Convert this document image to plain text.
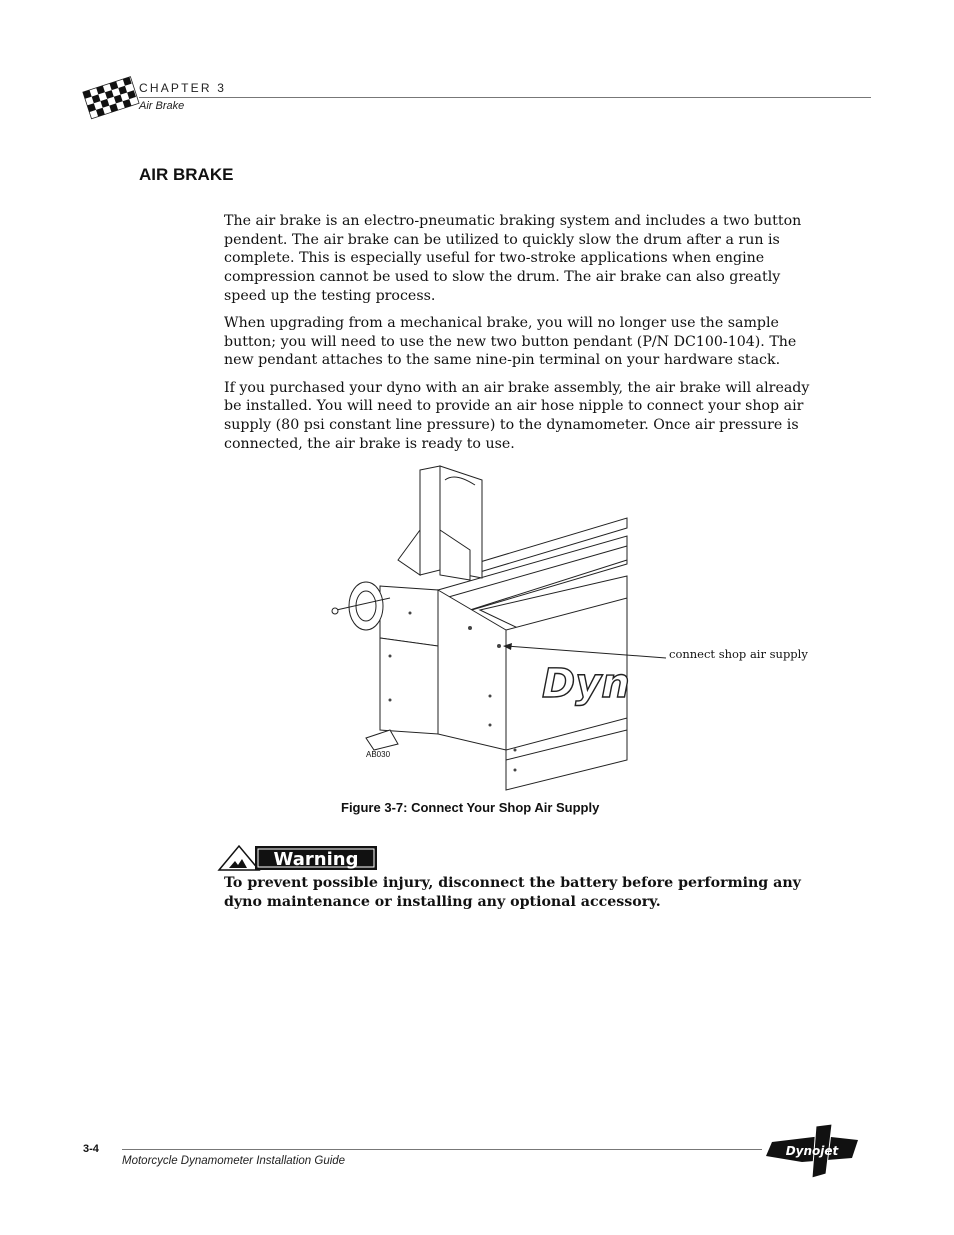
CHAPTER 3
Air Brake
AIR BRAKE

The air brake is an electro-pneumatic braking system and includes a two button pendent. The air brake can be utilized to quickly slow the drum after a run is complete. This is especially useful for two-stroke applications when engine compression cannot be used to slow the drum. The air brake can also greatly speed up the testing process.

When upgrading from a mechanical brake, you will no longer use the sample button; you will need to use the new two button pendant (P/N DC100-104). The new pendant attaches to the same nine-pin terminal on your hardware stack.

If you purchased your dyno with an air brake assembly, the air brake will already be installed. You will need to provide an air hose nipple to connect your shop air supply (80 psi constant line pressure) to the dynamometer. Once air pressure is connected, the air brake is ready to use.

Dyn
AB030
connect shop air supply
Figure 3-7: Connect Your Shop Air Supply
Warning
To prevent possible injury, disconnect the battery before performing any dyno maintenance or installing any optional accessory.
3-4
Motorcycle Dynamometer Installation Guide
Dynojet
